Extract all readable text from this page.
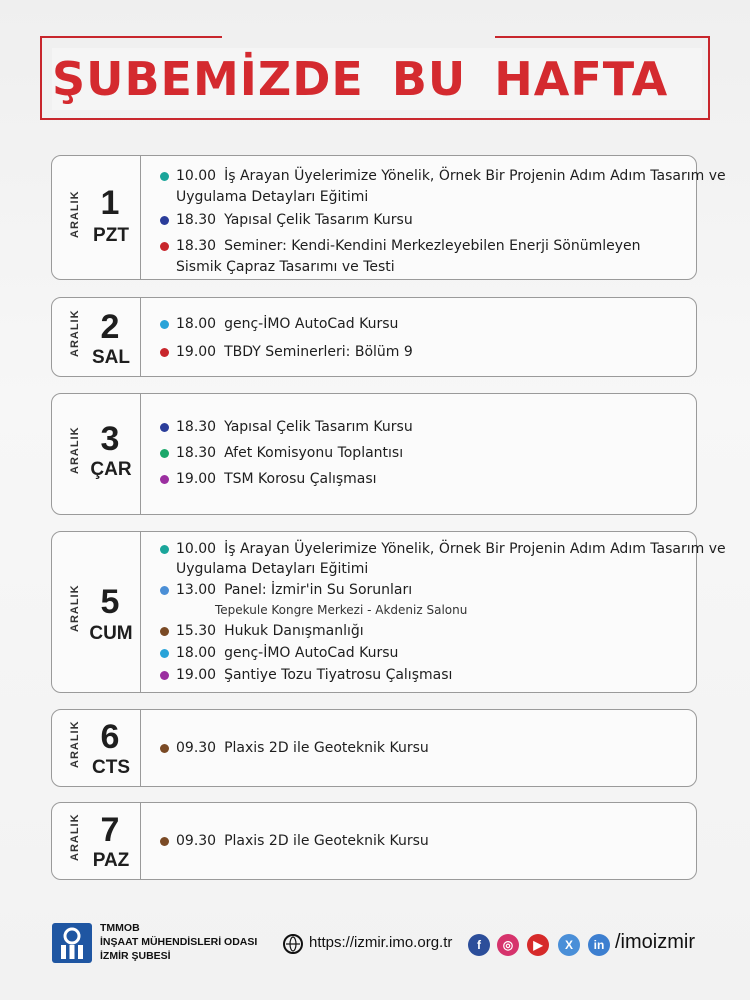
ŞUBEMİZDE BU HAFTA
ARALIK 1
PZT
10.00 İş Arayan Üyelerimize Yönelik, Örnek Bir Projenin Adım Adım Tasarım ve
Uygulama Detayları Eğitimi
18.30 Yapısal Çelik Tasarım Kursu
18.30 Seminer: Kendi-Kendini Merkezleyebilen Enerji Sönümleyen
Sismik Çapraz Tasarımı ve Testi
ARALIK 2
SAL
18.00 genç-İMO AutoCad Kursu
19.00 TBDY Seminerleri: Bölüm 9
ARALIK 3
ÇAR
18.30 Yapısal Çelik Tasarım Kursu
18.30 Afet Komisyonu Toplantısı
19.00 TSM Korosu Çalışması
ARALIK 5
CUM
10.00 İş Arayan Üyelerimize Yönelik, Örnek Bir Projenin Adım Adım Tasarım ve
Uygulama Detayları Eğitimi
13.00 Panel: İzmir'in Su Sorunları
Tepekule Kongre Merkezi - Akdeniz Salonu
15.30 Hukuk Danışmanlığı
18.00 genç-İMO AutoCad Kursu
19.00 Şantiye Tozu Tiyatrosu Çalışması
ARALIK 6
CTS
09.30 Plaxis 2D ile Geoteknik Kursu
ARALIK 7
PAZ
09.30 Plaxis 2D ile Geoteknik Kursu
TMMOB
İNŞAAT MÜHENDİSLERİ ODASI
İZMİR ŞUBESİ
https://izmir.imo.org.tr	f	◎	▶	X	in /imoizmir
